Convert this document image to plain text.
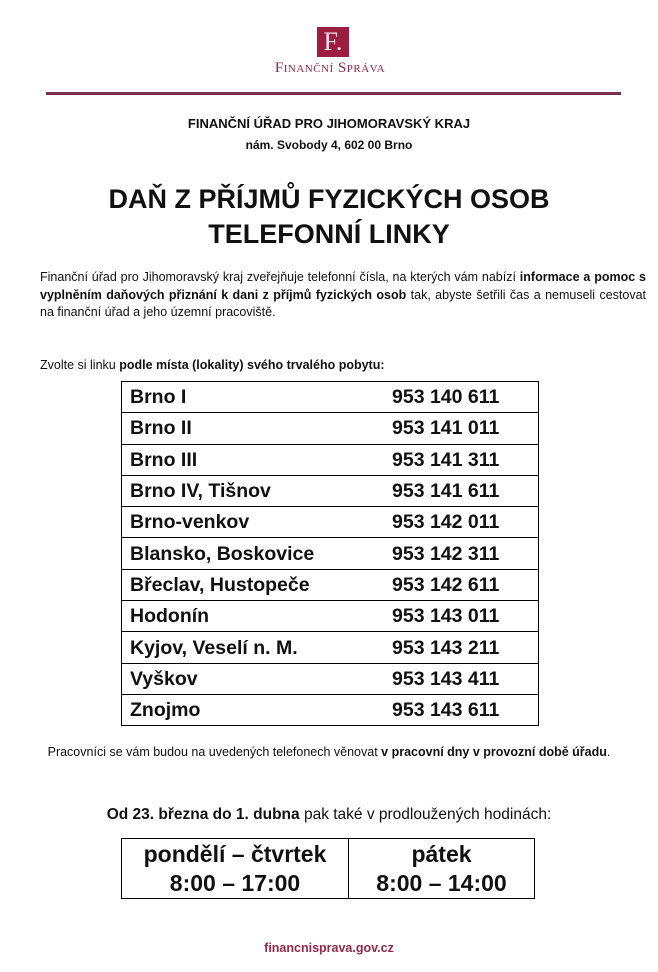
F.
Finanční Správa
FINANČNÍ ÚŘAD PRO JIHOMORAVSKÝ KRAJ
nám. Svobody 4, 602 00 Brno
DAŇ Z PŘÍJMŮ FYZICKÝCH OSOB
TELEFONNÍ LINKY
Finanční úřad pro Jihomoravský kraj zveřejňuje telefonní čísla, na kterých vám nabízí informace a pomoc s vyplněním daňových přiznání k dani z příjmů fyzických osob tak, abyste šetřili čas a nemuseli cestovat na finanční úřad a jeho územní pracoviště.
Zvolte si linku podle místa (lokality) svého trvalého pobytu:
Brno I	953 140 611
Brno II	953 141 011
Brno III	953 141 311
Brno IV, Tišnov	953 141 611
Brno-venkov	953 142 011
Blansko, Boskovice	953 142 311
Břeclav, Hustopeče	953 142 611
Hodonín	953 143 011
Kyjov, Veselí n. M.	953 143 211
Vyškov	953 143 411
Znojmo	953 143 611
Pracovníci se vám budou na uvedených telefonech věnovat v pracovní dny v provozní době úřadu.
Od 23. března do 1. dubna pak také v prodloužených hodinách:
pondělí – čtvrtek
8:00 – 17:00

pátek
8:00 – 14:00
financnisprava.gov.cz
